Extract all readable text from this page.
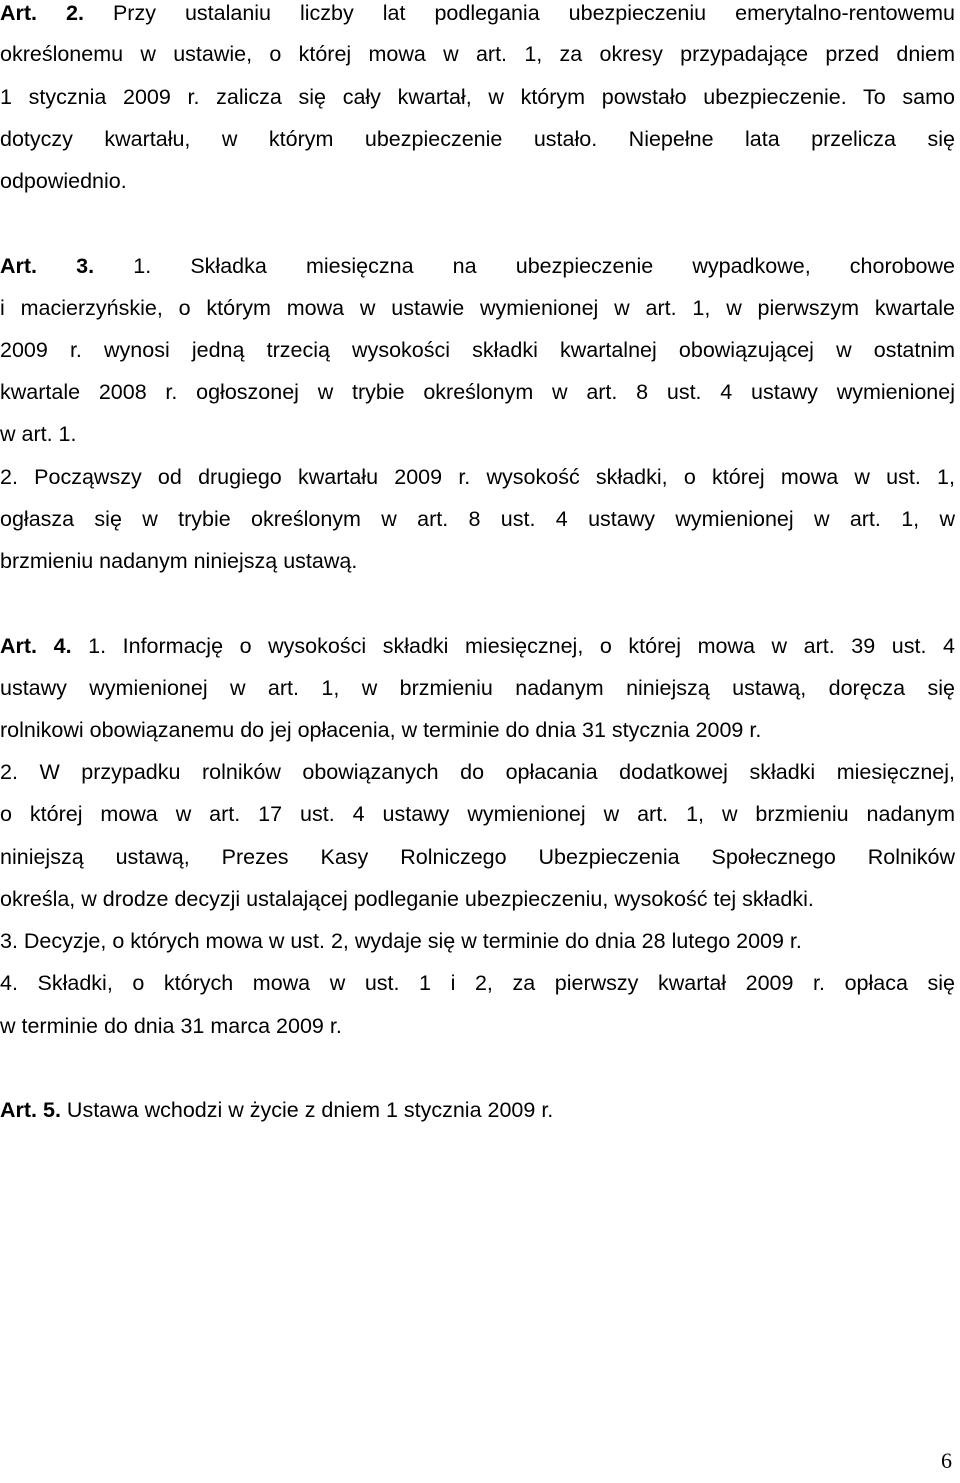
Art. 2. Przy ustalaniu liczby lat podlegania ubezpieczeniu emerytalno-rentowemu
określonemu w ustawie, o której mowa w art. 1, za okresy przypadające przed dniem
1 stycznia 2009 r. zalicza się cały kwartał, w którym powstało ubezpieczenie. To samo
dotyczy kwartału, w którym ubezpieczenie ustało. Niepełne lata przelicza się
odpowiednio.
Art. 3. 1. Składka miesięczna na ubezpieczenie wypadkowe, chorobowe
i macierzyńskie, o którym mowa w ustawie wymienionej w art. 1, w pierwszym kwartale
2009 r. wynosi jedną trzecią wysokości składki kwartalnej obowiązującej w ostatnim
kwartale 2008 r. ogłoszonej w trybie określonym w art. 8 ust. 4 ustawy wymienionej
w art. 1.
2. Począwszy od drugiego kwartału 2009 r. wysokość składki, o której mowa w ust. 1,
ogłasza się w trybie określonym w art. 8 ust. 4 ustawy wymienionej w art. 1, w
brzmieniu nadanym niniejszą ustawą.
Art. 4. 1. Informację o wysokości składki miesięcznej, o której mowa w art. 39 ust. 4
ustawy wymienionej w art. 1, w brzmieniu nadanym niniejszą ustawą, doręcza się
rolnikowi obowiązanemu do jej opłacenia, w terminie do dnia 31 stycznia 2009 r.
2. W przypadku rolników obowiązanych do opłacania dodatkowej składki miesięcznej,
o której mowa w art. 17 ust. 4 ustawy wymienionej w art. 1, w brzmieniu nadanym
niniejszą ustawą, Prezes Kasy Rolniczego Ubezpieczenia Społecznego Rolników
określa, w drodze decyzji ustalającej podleganie ubezpieczeniu, wysokość tej składki.
3. Decyzje, o których mowa w ust. 2, wydaje się w terminie do dnia 28 lutego 2009 r.
4. Składki, o których mowa w ust. 1 i 2, za pierwszy kwartał 2009 r. opłaca się
w terminie do dnia 31 marca 2009 r.
Art. 5. Ustawa wchodzi w życie z dniem 1 stycznia 2009 r.
6
